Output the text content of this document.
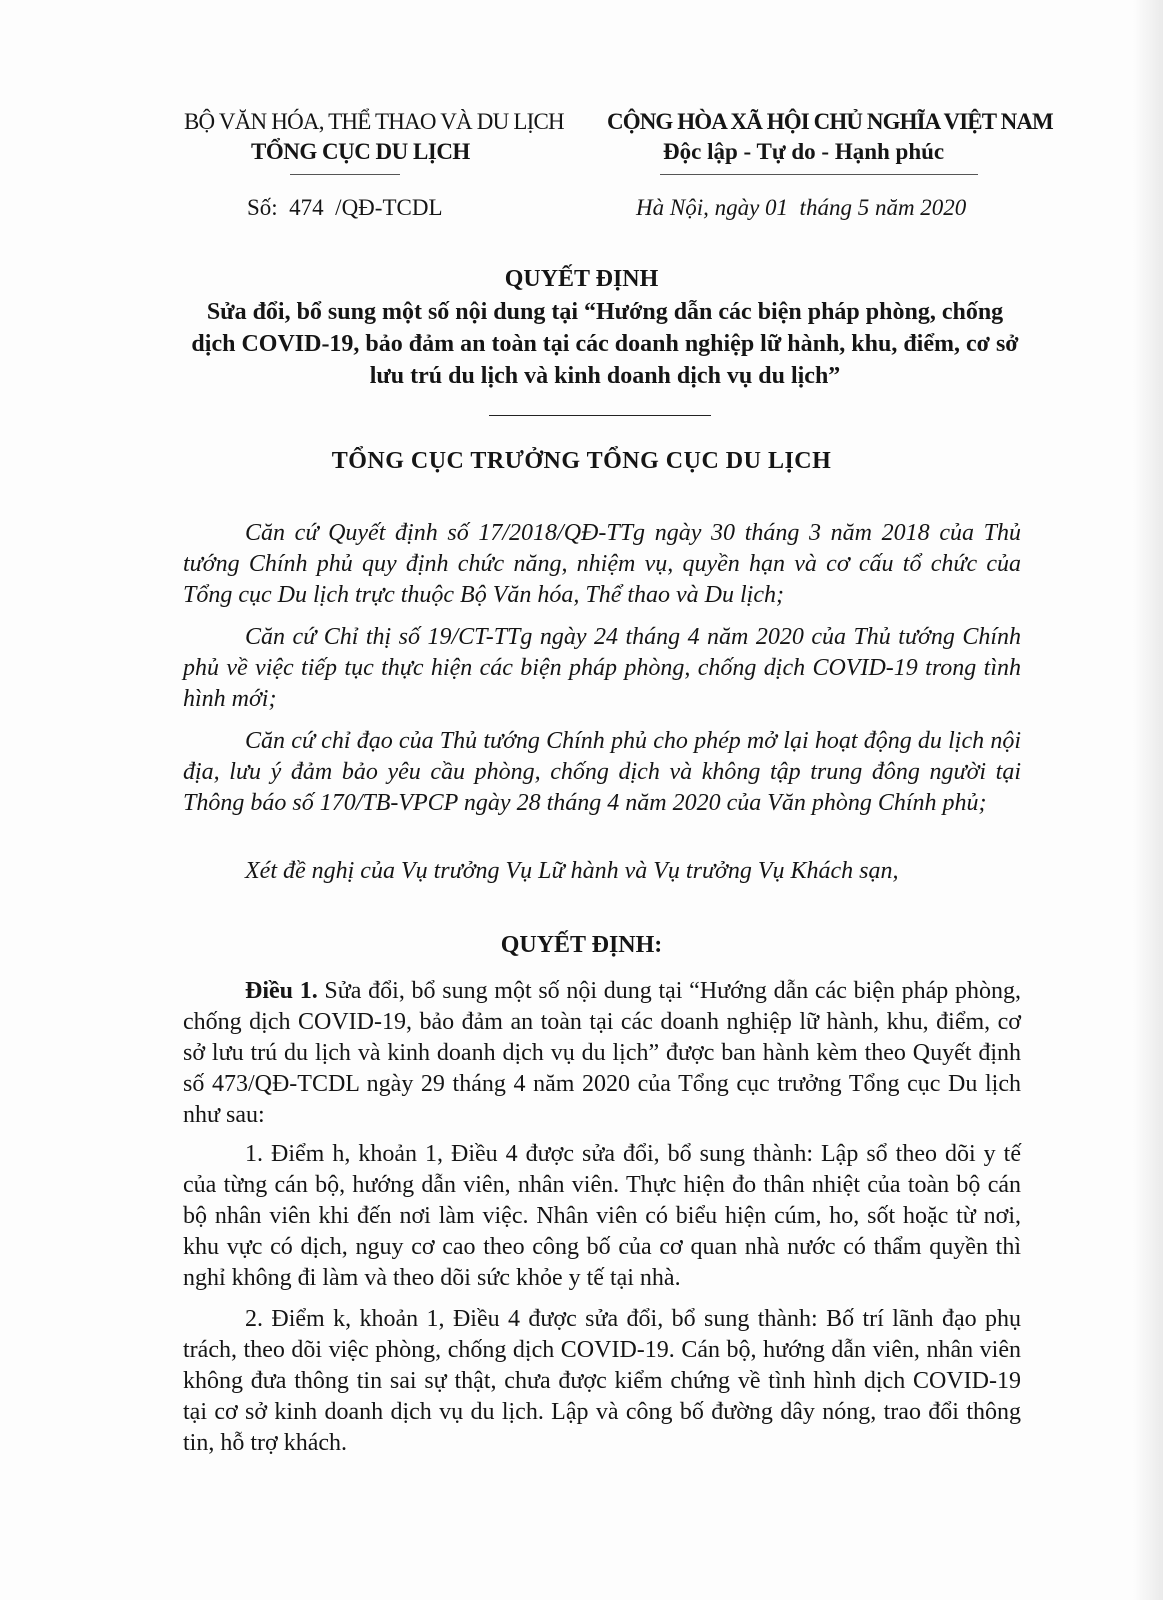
BỘ VĂN HÓA, THỂ THAO VÀ DU LỊCH
TỔNG CỤC DU LỊCH
Số:  474  /QĐ-TCDL
CỘNG HÒA XÃ HỘI CHỦ NGHĨA VIỆT NAM
Độc lập - Tự do - Hạnh phúc
Hà Nội, ngày 01  tháng 5 năm 2020
QUYẾT ĐỊNH
Sửa đổi, bổ sung một số nội dung tại “Hướng dẫn các biện pháp phòng, chống dịch COVID-19, bảo đảm an toàn tại các doanh nghiệp lữ hành, khu, điểm, cơ sở lưu trú du lịch và kinh doanh dịch vụ du lịch”
TỔNG CỤC TRƯỞNG TỔNG CỤC DU LỊCH
Căn cứ Quyết định số 17/2018/QĐ-TTg ngày 30 tháng 3 năm 2018 của Thủ tướng Chính phủ quy định chức năng, nhiệm vụ, quyền hạn và cơ cấu tổ chức của Tổng cục Du lịch trực thuộc Bộ Văn hóa, Thể thao và Du lịch;
Căn cứ Chỉ thị số 19/CT-TTg ngày 24 tháng 4 năm 2020 của Thủ tướng Chính phủ về việc tiếp tục thực hiện các biện pháp phòng, chống dịch COVID-19 trong tình hình mới;
Căn cứ chỉ đạo của Thủ tướng Chính phủ cho phép mở lại hoạt động du lịch nội địa, lưu ý đảm bảo yêu cầu phòng, chống dịch và không tập trung đông người tại Thông báo số 170/TB-VPCP ngày 28 tháng 4 năm 2020 của Văn phòng Chính phủ;
Xét đề nghị của Vụ trưởng Vụ Lữ hành và Vụ trưởng Vụ Khách sạn,
QUYẾT ĐỊNH:
Điều 1. Sửa đổi, bổ sung một số nội dung tại “Hướng dẫn các biện pháp phòng, chống dịch COVID-19, bảo đảm an toàn tại các doanh nghiệp lữ hành, khu, điểm, cơ sở lưu trú du lịch và kinh doanh dịch vụ du lịch” được ban hành kèm theo Quyết định số 473/QĐ-TCDL ngày 29 tháng 4 năm 2020 của Tổng cục trưởng Tổng cục Du lịch như sau:
1. Điểm h, khoản 1, Điều 4 được sửa đổi, bổ sung thành: Lập sổ theo dõi y tế của từng cán bộ, hướng dẫn viên, nhân viên. Thực hiện đo thân nhiệt của toàn bộ cán bộ nhân viên khi đến nơi làm việc. Nhân viên có biểu hiện cúm, ho, sốt hoặc từ nơi, khu vực có dịch, nguy cơ cao theo công bố của cơ quan nhà nước có thẩm quyền thì nghỉ không đi làm và theo dõi sức khỏe y tế tại nhà.
2. Điểm k, khoản 1, Điều 4 được sửa đổi, bổ sung thành: Bố trí lãnh đạo phụ trách, theo dõi việc phòng, chống dịch COVID-19. Cán bộ, hướng dẫn viên, nhân viên không đưa thông tin sai sự thật, chưa được kiểm chứng về tình hình dịch COVID-19 tại cơ sở kinh doanh dịch vụ du lịch. Lập và công bố đường dây nóng, trao đổi thông tin, hỗ trợ khách.
